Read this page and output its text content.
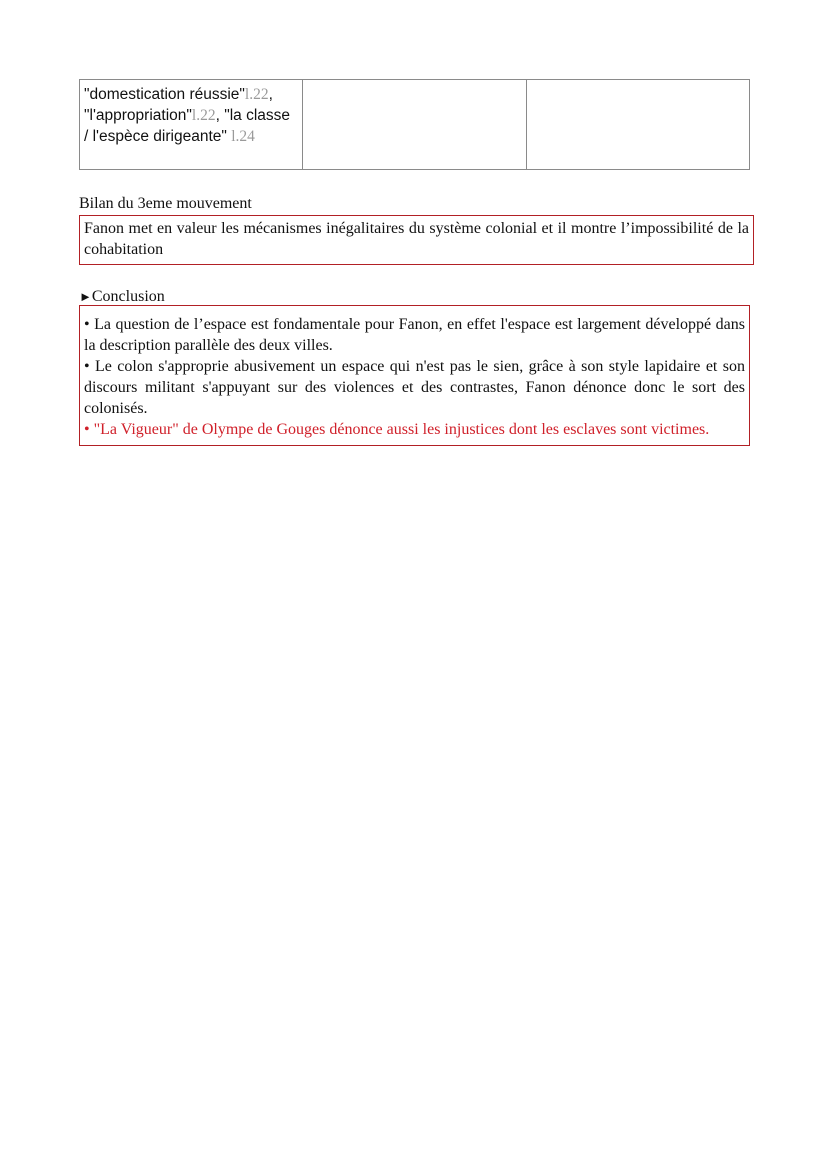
"domestication réussie"l.22, "l'appropriation"l.22, "la classe / l'espèce dirigeante" l.24		
Bilan du 3eme mouvement

Fanon met en valeur les mécanismes inégalitaires du système colonial et il montre l’impossibilité de la cohabitation

►Conclusion

• La question de l’espace est fondamentale pour Fanon, en effet l'espace est largement développé dans la description parallèle des deux villes.

• Le colon s'approprie abusivement un espace qui n'est pas le sien, grâce à son style lapidaire et son discours militant s'appuyant sur des violences et des contrastes, Fanon dénonce donc le sort des colonisés.

• "La Vigueur" de Olympe de Gouges dénonce aussi les injustices dont les esclaves sont victimes.
